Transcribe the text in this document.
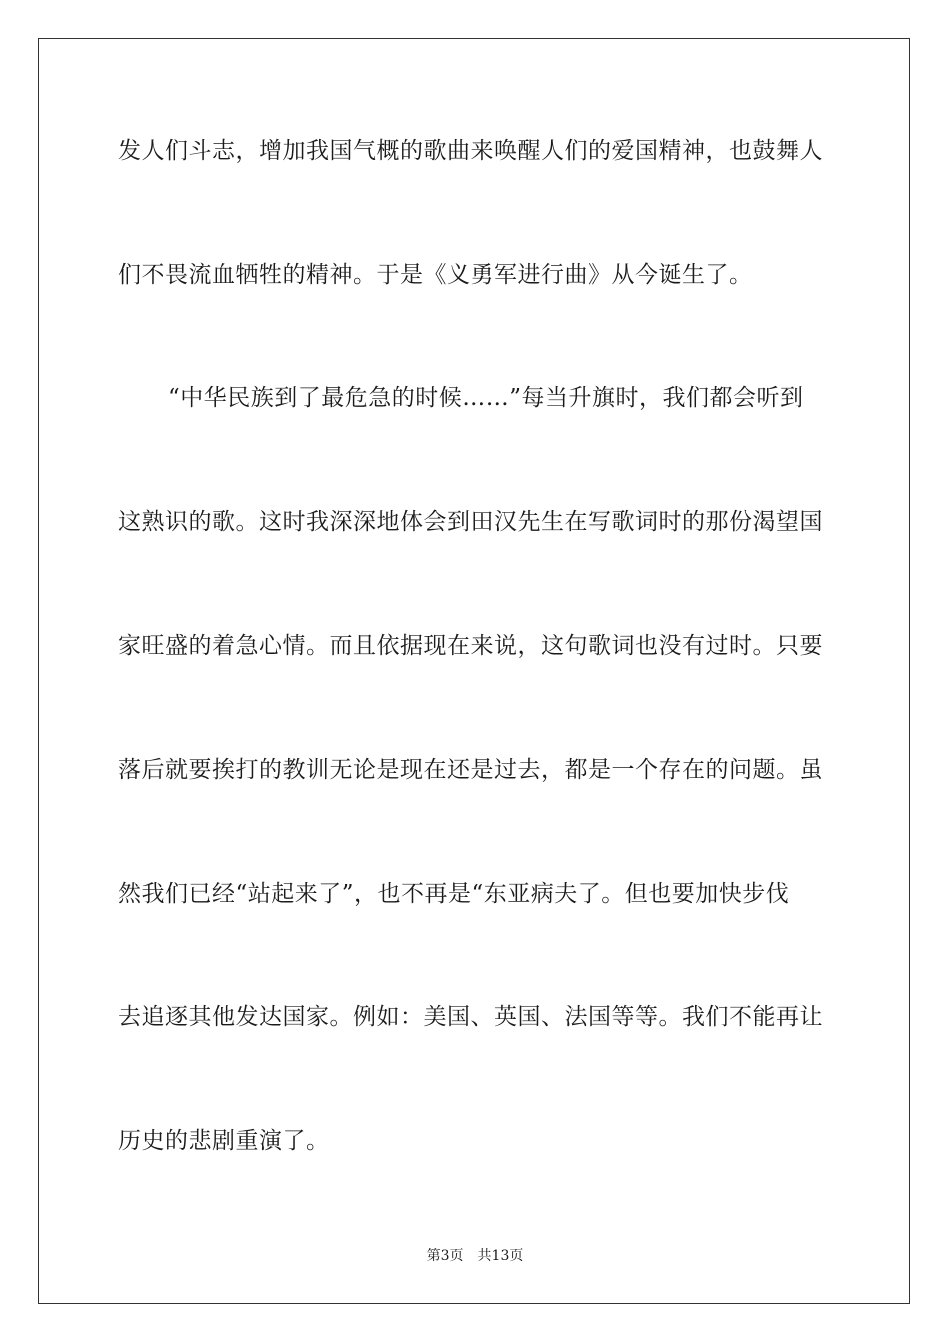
发人们斗志，增加我国气概的歌曲来唤醒人们的爱国精神，也鼓舞人
们不畏流血牺牲的精神。于是《义勇军进行曲》从今诞生了。
“中华民族到了最危急的时候……”每当升旗时，我们都会听到
这熟识的歌。这时我深深地体会到田汉先生在写歌词时的那份渴望国
家旺盛的着急心情。而且依据现在来说，这句歌词也没有过时。只要
落后就要挨打的教训无论是现在还是过去，都是一个存在的问题。虽
然我们已经“站起来了”，也不再是“东亚病夫了。但也要加快步伐
去追逐其他发达国家。例如：美国、英国、法国等等。我们不能再让
历史的悲剧重演了。
第3页 共13页
